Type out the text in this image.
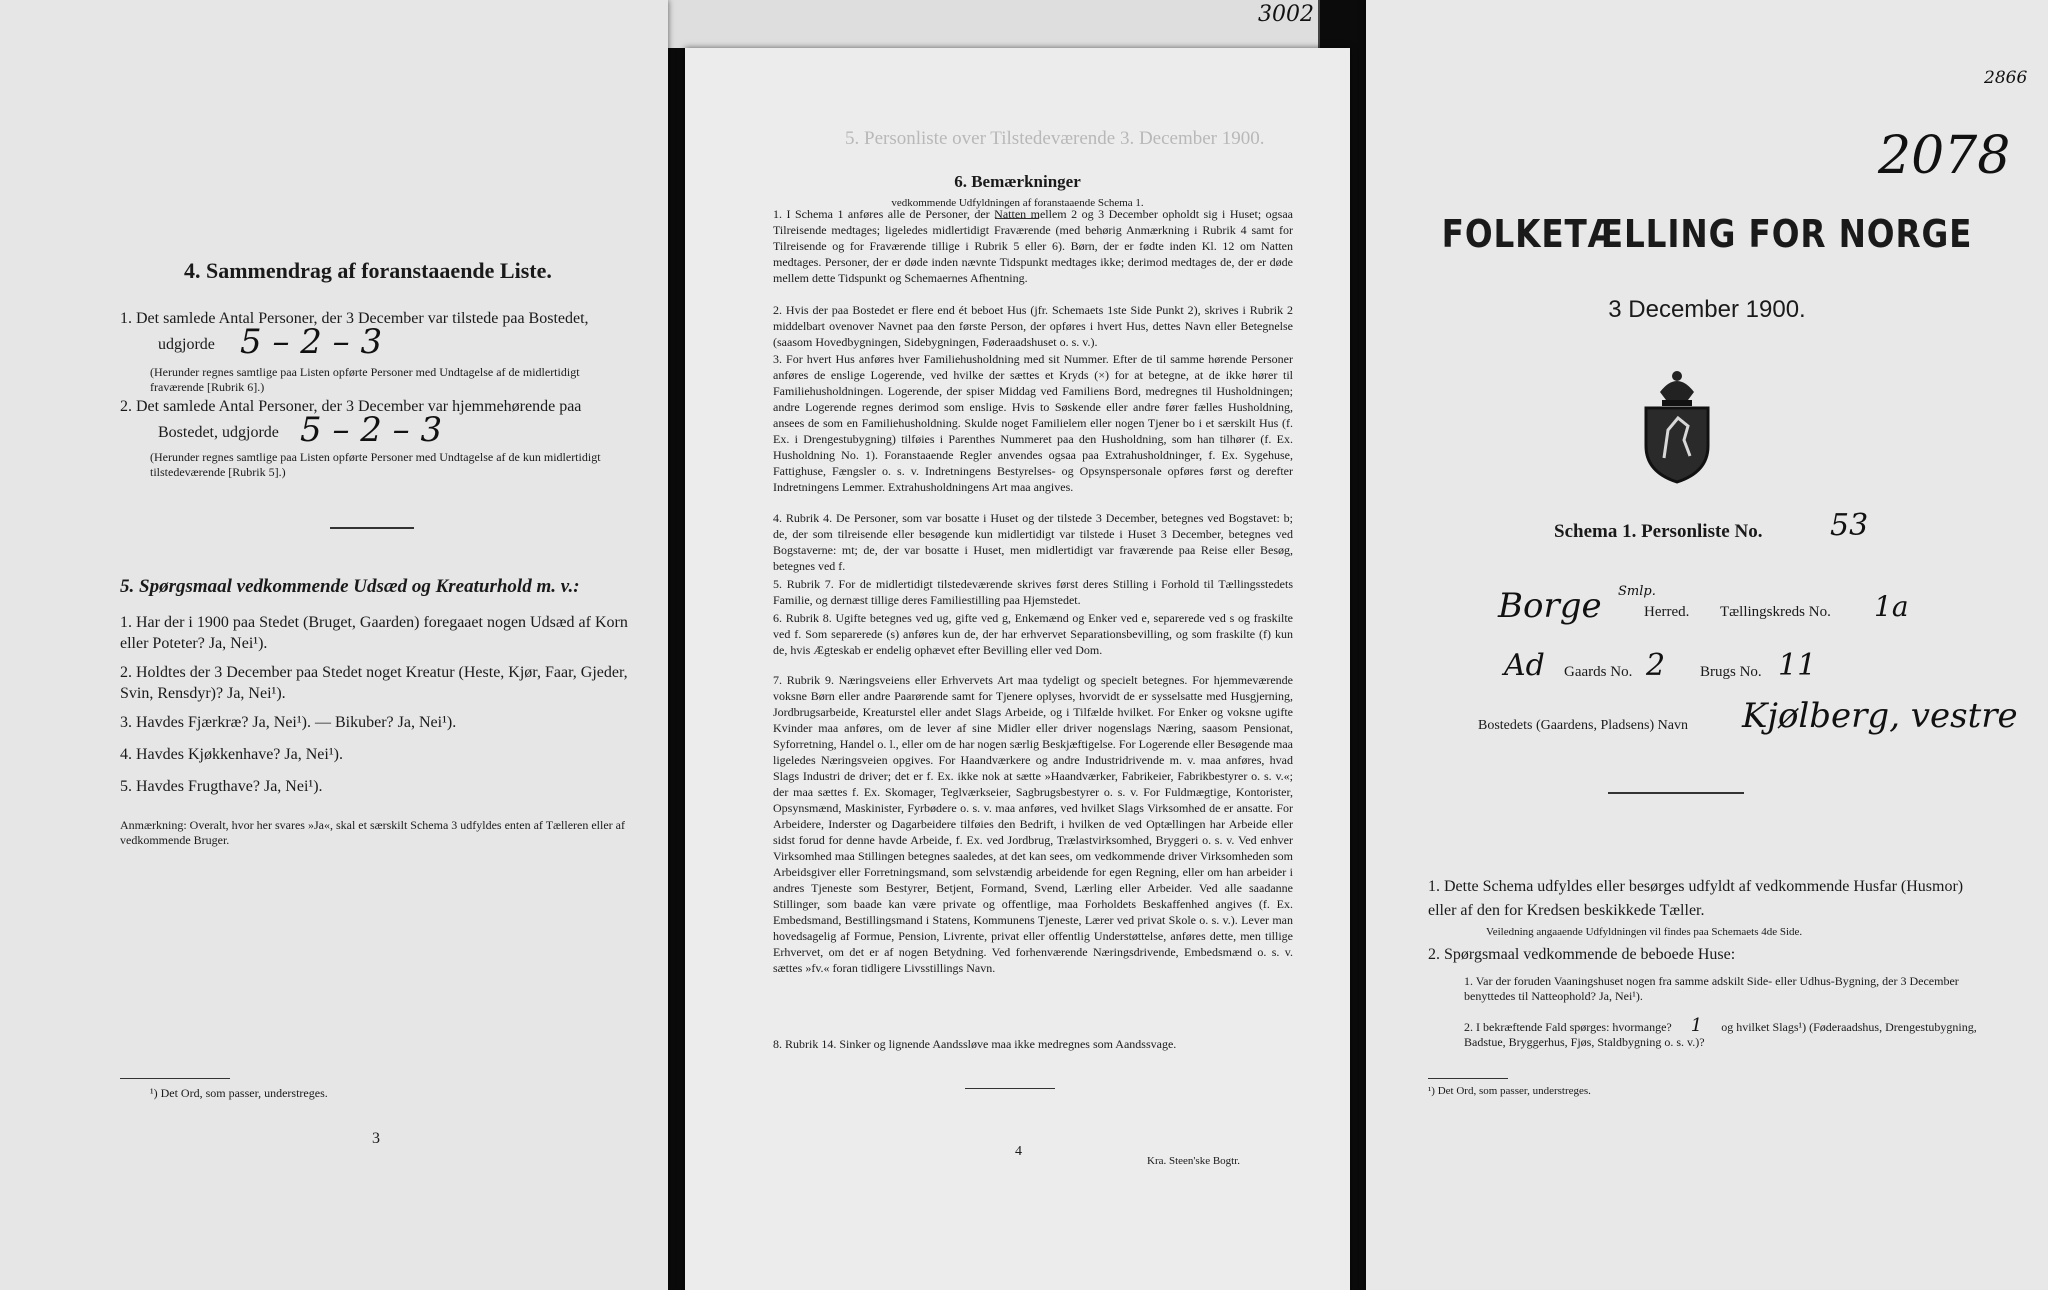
3002
4. Sammendrag af foranstaaende Liste.
1. Det samlede Antal Personer, der 3 December var tilstede paa Bostedet,
udgjorde 5 – 2 – 3
(Herunder regnes samtlige paa Listen opførte Personer med Undtagelse af de midlertidigt fraværende [Rubrik 6].)
2. Det samlede Antal Personer, der 3 December var hjemmehørende paa
Bostedet, udgjorde 5 – 2 – 3
(Herunder regnes samtlige paa Listen opførte Personer med Undtagelse af de kun midlertidigt tilstedeværende [Rubrik 5].)
5. Spørgsmaal vedkommende Udsæd og Kreaturhold m. v.:
1. Har der i 1900 paa Stedet (Bruget, Gaarden) foregaaet nogen Udsæd af Korn eller Poteter? Ja, Nei¹).
2. Holdtes der 3 December paa Stedet noget Kreatur (Heste, Kjør, Faar, Gjeder, Svin, Rensdyr)? Ja, Nei¹).
3. Havdes Fjærkræ? Ja, Nei¹). — Bikuber? Ja, Nei¹).
4. Havdes Kjøkkenhave? Ja, Nei¹).
5. Havdes Frugthave? Ja, Nei¹).
Anmærkning: Overalt, hvor her svares »Ja«, skal et særskilt Schema 3 udfyldes enten af Tælleren eller af vedkommende Bruger.
¹) Det Ord, som passer, understreges.
3
5. Personliste over Tilstedeværende 3. December 1900.
6. Bemærkninger
vedkommende Udfyldningen af foranstaaende Schema 1.
1. I Schema 1 anføres alle de Personer, der Natten mellem 2 og 3 December opholdt sig i Huset; ogsaa Tilreisende medtages; ligeledes midlertidigt Fraværende (med behørig Anmærkning i Rubrik 4 samt for Tilreisende og for Fraværende tillige i Rubrik 5 eller 6). Børn, der er fødte inden Kl. 12 om Natten medtages. Personer, der er døde inden nævnte Tidspunkt medtages ikke; derimod medtages de, der er døde mellem dette Tidspunkt og Schemaernes Afhentning.
2. Hvis der paa Bostedet er flere end ét beboet Hus (jfr. Schemaets 1ste Side Punkt 2), skrives i Rubrik 2 middelbart ovenover Navnet paa den første Person, der opføres i hvert Hus, dettes Navn eller Betegnelse (saasom Hovedbygningen, Sidebygningen, Føderaadshuset o. s. v.).
3. For hvert Hus anføres hver Familiehusholdning med sit Nummer. Efter de til samme hørende Personer anføres de enslige Logerende, ved hvilke der sættes et Kryds (×) for at betegne, at de ikke hører til Familiehusholdningen. Logerende, der spiser Middag ved Familiens Bord, medregnes til Husholdningen; andre Logerende regnes derimod som enslige. Hvis to Søskende eller andre fører fælles Husholdning, ansees de som en Familiehusholdning. Skulde noget Familielem eller nogen Tjener bo i et særskilt Hus (f. Ex. i Drengestubygning) tilføies i Parenthes Nummeret paa den Husholdning, som han tilhører (f. Ex. Husholdning No. 1). Foranstaaende Regler anvendes ogsaa paa Extrahusholdninger, f. Ex. Sygehuse, Fattighuse, Fængsler o. s. v. Indretningens Bestyrelses- og Opsynspersonale opføres først og derefter Indretningens Lemmer. Extrahusholdningens Art maa angives.
4. Rubrik 4. De Personer, som var bosatte i Huset og der tilstede 3 December, betegnes ved Bogstavet: b; de, der som tilreisende eller besøgende kun midlertidigt var tilstede i Huset 3 December, betegnes ved Bogstaverne: mt; de, der var bosatte i Huset, men midlertidigt var fraværende paa Reise eller Besøg, betegnes ved f.
5. Rubrik 7. For de midlertidigt tilstedeværende skrives først deres Stilling i Forhold til Tællingsstedets Familie, og dernæst tillige deres Familiestilling paa Hjemstedet.
6. Rubrik 8. Ugifte betegnes ved ug, gifte ved g, Enkemænd og Enker ved e, separerede ved s og fraskilte ved f. Som separerede (s) anføres kun de, der har erhvervet Separationsbevilling, og som fraskilte (f) kun de, hvis Ægteskab er endelig ophævet efter Bevilling eller ved Dom.
7. Rubrik 9. Næringsveiens eller Erhvervets Art maa tydeligt og specielt betegnes. For hjemmeværende voksne Børn eller andre Paarørende samt for Tjenere oplyses, hvorvidt de er sysselsatte med Husgjerning, Jordbrugsarbeide, Kreaturstel eller andet Slags Arbeide, og i Tilfælde hvilket. For Enker og voksne ugifte Kvinder maa anføres, om de lever af sine Midler eller driver nogenslags Næring, saasom Pensionat, Syforretning, Handel o. l., eller om de har nogen særlig Beskjæftigelse. For Logerende eller Besøgende maa ligeledes Næringsveien opgives. For Haandværkere og andre Industridrivende m. v. maa anføres, hvad Slags Industri de driver; det er f. Ex. ikke nok at sætte »Haandværker, Fabrikeier, Fabrikbestyrer o. s. v.«; der maa sættes f. Ex. Skomager, Teglværkseier, Sagbrugsbestyrer o. s. v. For Fuldmægtige, Kontorister, Opsynsmænd, Maskinister, Fyrbødere o. s. v. maa anføres, ved hvilket Slags Virksomhed de er ansatte. For Arbeidere, Inderster og Dagarbeidere tilføies den Bedrift, i hvilken de ved Optællingen har Arbeide eller sidst forud for denne havde Arbeide, f. Ex. ved Jordbrug, Trælastvirksomhed, Bryggeri o. s. v. Ved enhver Virksomhed maa Stillingen betegnes saaledes, at det kan sees, om vedkommende driver Virksomheden som Arbeidsgiver eller Forretningsmand, som selvstændig arbeidende for egen Regning, eller om han arbeider i andres Tjeneste som Bestyrer, Betjent, Formand, Svend, Lærling eller Arbeider. Ved alle saadanne Stillinger, som baade kan være private og offentlige, maa Forholdets Beskaffenhed angives (f. Ex. Embedsmand, Bestillingsmand i Statens, Kommunens Tjeneste, Lærer ved privat Skole o. s. v.). Lever man hovedsagelig af Formue, Pension, Livrente, privat eller offentlig Understøttelse, anføres dette, men tillige Erhvervet, om det er af nogen Betydning. Ved forhenværende Næringsdrivende, Embedsmænd o. s. v. sættes »fv.« foran tidligere Livsstillings Navn.
8. Rubrik 14. Sinker og lignende Aandssløve maa ikke medregnes som Aandssvage.
4
Kra. Steen'ske Bogtr.
2866
2078
FOLKETÆLLING FOR NORGE
3 December 1900.
Schema 1. Personliste No. 53
Borge Smlp.
Herred. Tællingskreds No. 1a
Ad Gaards No. 2 Brugs No. 11
Bostedets (Gaardens, Pladsens) Navn Kjølberg, vestre
1. Dette Schema udfyldes eller besørges udfyldt af vedkommende Husfar (Husmor) eller af den for Kredsen beskikkede Tæller.
Veiledning angaaende Udfyldningen vil findes paa Schemaets 4de Side.
2. Spørgsmaal vedkommende de beboede Huse:
1. Var der foruden Vaaningshuset nogen fra samme adskilt Side- eller Udhus-Bygning, der 3 December benyttedes til Natteophold? Ja, Nei¹).
2. I bekræftende Fald spørges: hvormange? 1 og hvilket Slags¹) (Føderaadshus, Drengestubygning, Badstue, Bryggerhus, Fjøs, Staldbygning o. s. v.)?
¹) Det Ord, som passer, understreges.
